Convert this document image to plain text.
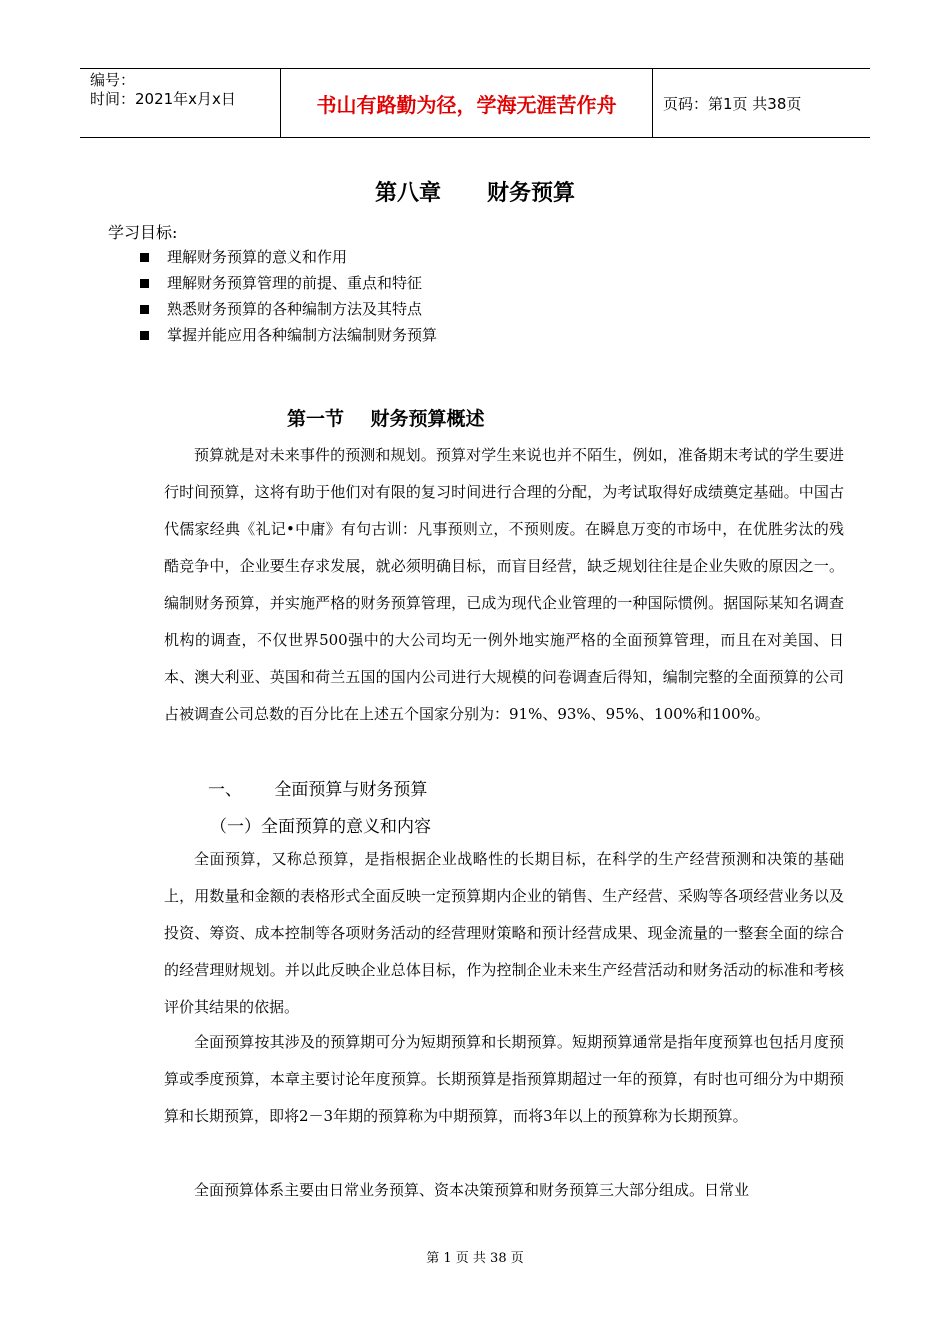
编号：
时间：2021年x月x日	书山有路勤为径，学海无涯苦作舟	页码：第1页 共38页
第八章      财务预算
学习目标:
理解财务预算的意义和作用
理解财务预算管理的前提、重点和特征
熟悉财务预算的各种编制方法及其特点
掌握并能应用各种编制方法编制财务预算
第一节    财务预算概述

预算就是对未来事件的预测和规划。预算对学生来说也并不陌生，例如，准备期末考试的学生要进行时间预算，这将有助于他们对有限的复习时间进行合理的分配，为考试取得好成绩奠定基础。中国古代儒家经典《礼记•中庸》有句古训：凡事预则立，不预则废。在瞬息万变的市场中，在优胜劣汰的残酷竞争中，企业要生存求发展，就必须明确目标，而盲目经营，缺乏规划往往是企业失败的原因之一。编制财务预算，并实施严格的财务预算管理，已成为现代企业管理的一种国际惯例。据国际某知名调查机构的调查，不仅世界500强中的大公司均无一例外地实施严格的全面预算管理，而且在对美国、日本、澳大利亚、英国和荷兰五国的国内公司进行大规模的问卷调查后得知，编制完整的全面预算的公司占被调查公司总数的百分比在上述五个国家分别为：91%、93%、95%、100%和100%。

一、      全面预算与财务预算
（一）全面预算的意义和内容

全面预算，又称总预算，是指根据企业战略性的长期目标，在科学的生产经营预测和决策的基础上，用数量和金额的表格形式全面反映一定预算期内企业的销售、生产经营、采购等各项经营业务以及投资、筹资、成本控制等各项财务活动的经营理财策略和预计经营成果、现金流量的一整套全面的综合的经营理财规划。并以此反映企业总体目标，作为控制企业未来生产经营活动和财务活动的标准和考核评价其结果的依据。

全面预算按其涉及的预算期可分为短期预算和长期预算。短期预算通常是指年度预算也包括月度预算或季度预算，本章主要讨论年度预算。长期预算是指预算期超过一年的预算，有时也可细分为中期预算和长期预算，即将2－3年期的预算称为中期预算，而将3年以上的预算称为长期预算。

全面预算体系主要由日常业务预算、资本决策预算和财务预算三大部分组成。日常业

第 1 页 共 38 页
